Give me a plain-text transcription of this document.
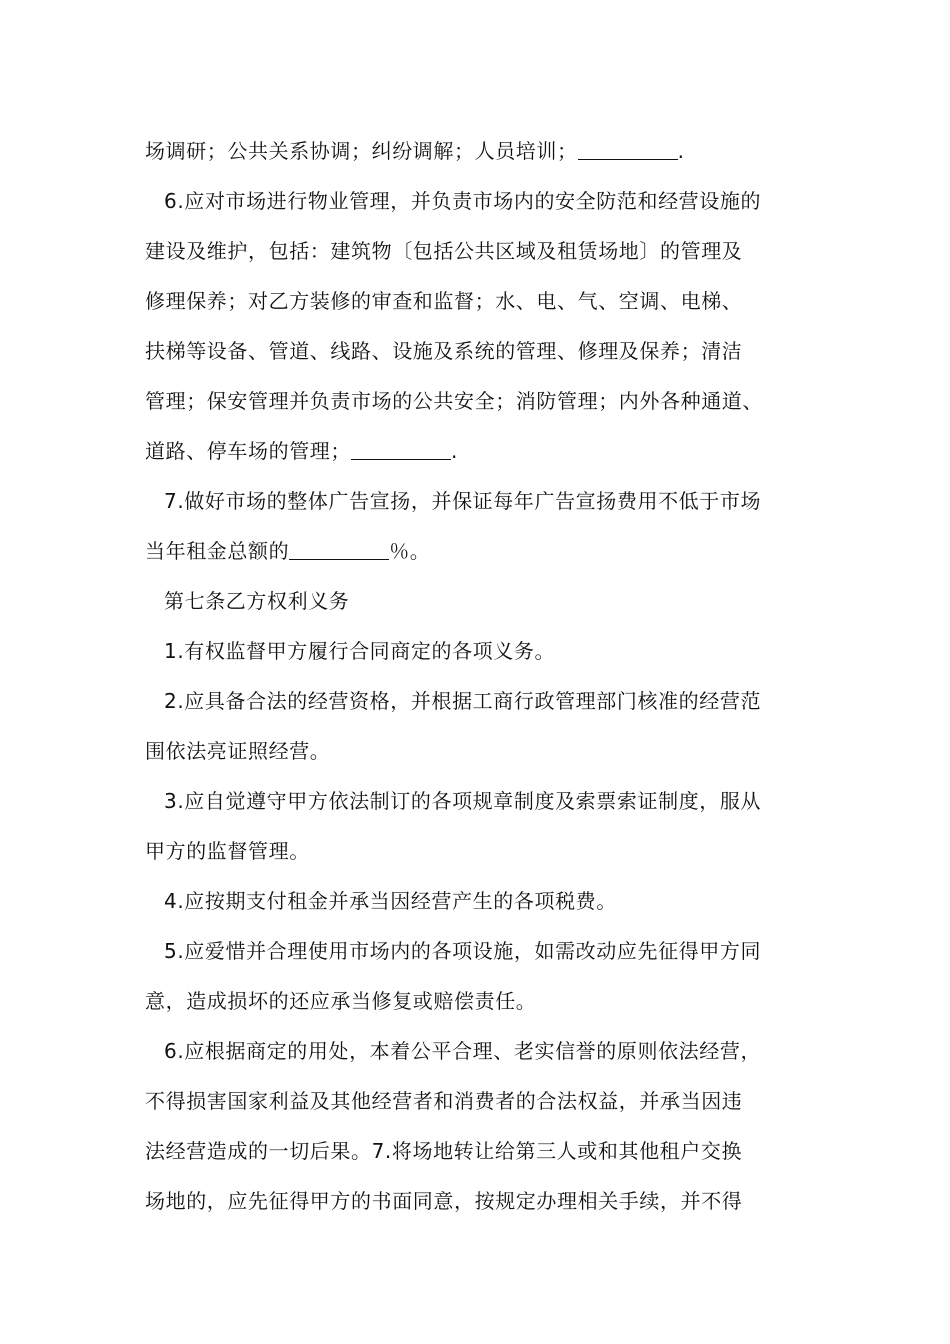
场调研；公共关系协调；纠纷调解；人员培训；	.
6.应对市场进行物业管理，并负责市场内的安全防范和经营设施的
建设及维护，包括：建筑物〔包括公共区域及租赁场地〕的管理及
修理保养；对乙方装修的审查和监督；水、电、气、空调、电梯、
扶梯等设备、管道、线路、设施及系统的管理、修理及保养；清洁
管理；保安管理并负责市场的公共安全；消防管理；内外各种通道、
道路、停车场的管理；	.
7.做好市场的整体广告宣扬，并保证每年广告宣扬费用不低于市场
当年租金总额的	％。
第七条乙方权利义务
1.有权监督甲方履行合同商定的各项义务。
2.应具备合法的经营资格，并根据工商行政管理部门核准的经营范
围依法亮证照经营。
3.应自觉遵守甲方依法制订的各项规章制度及索票索证制度，服从
甲方的监督管理。
4.应按期支付租金并承当因经营产生的各项税费。
5.应爱惜并合理使用市场内的各项设施，如需改动应先征得甲方同
意，造成损坏的还应承当修复或赔偿责任。
6.应根据商定的用处，本着公平合理、老实信誉的原则依法经营，
不得损害国家利益及其他经营者和消费者的合法权益，并承当因违
法经营造成的一切后果。7.将场地转让给第三人或和其他租户交换
场地的，应先征得甲方的书面同意，按规定办理相关手续，并不得
